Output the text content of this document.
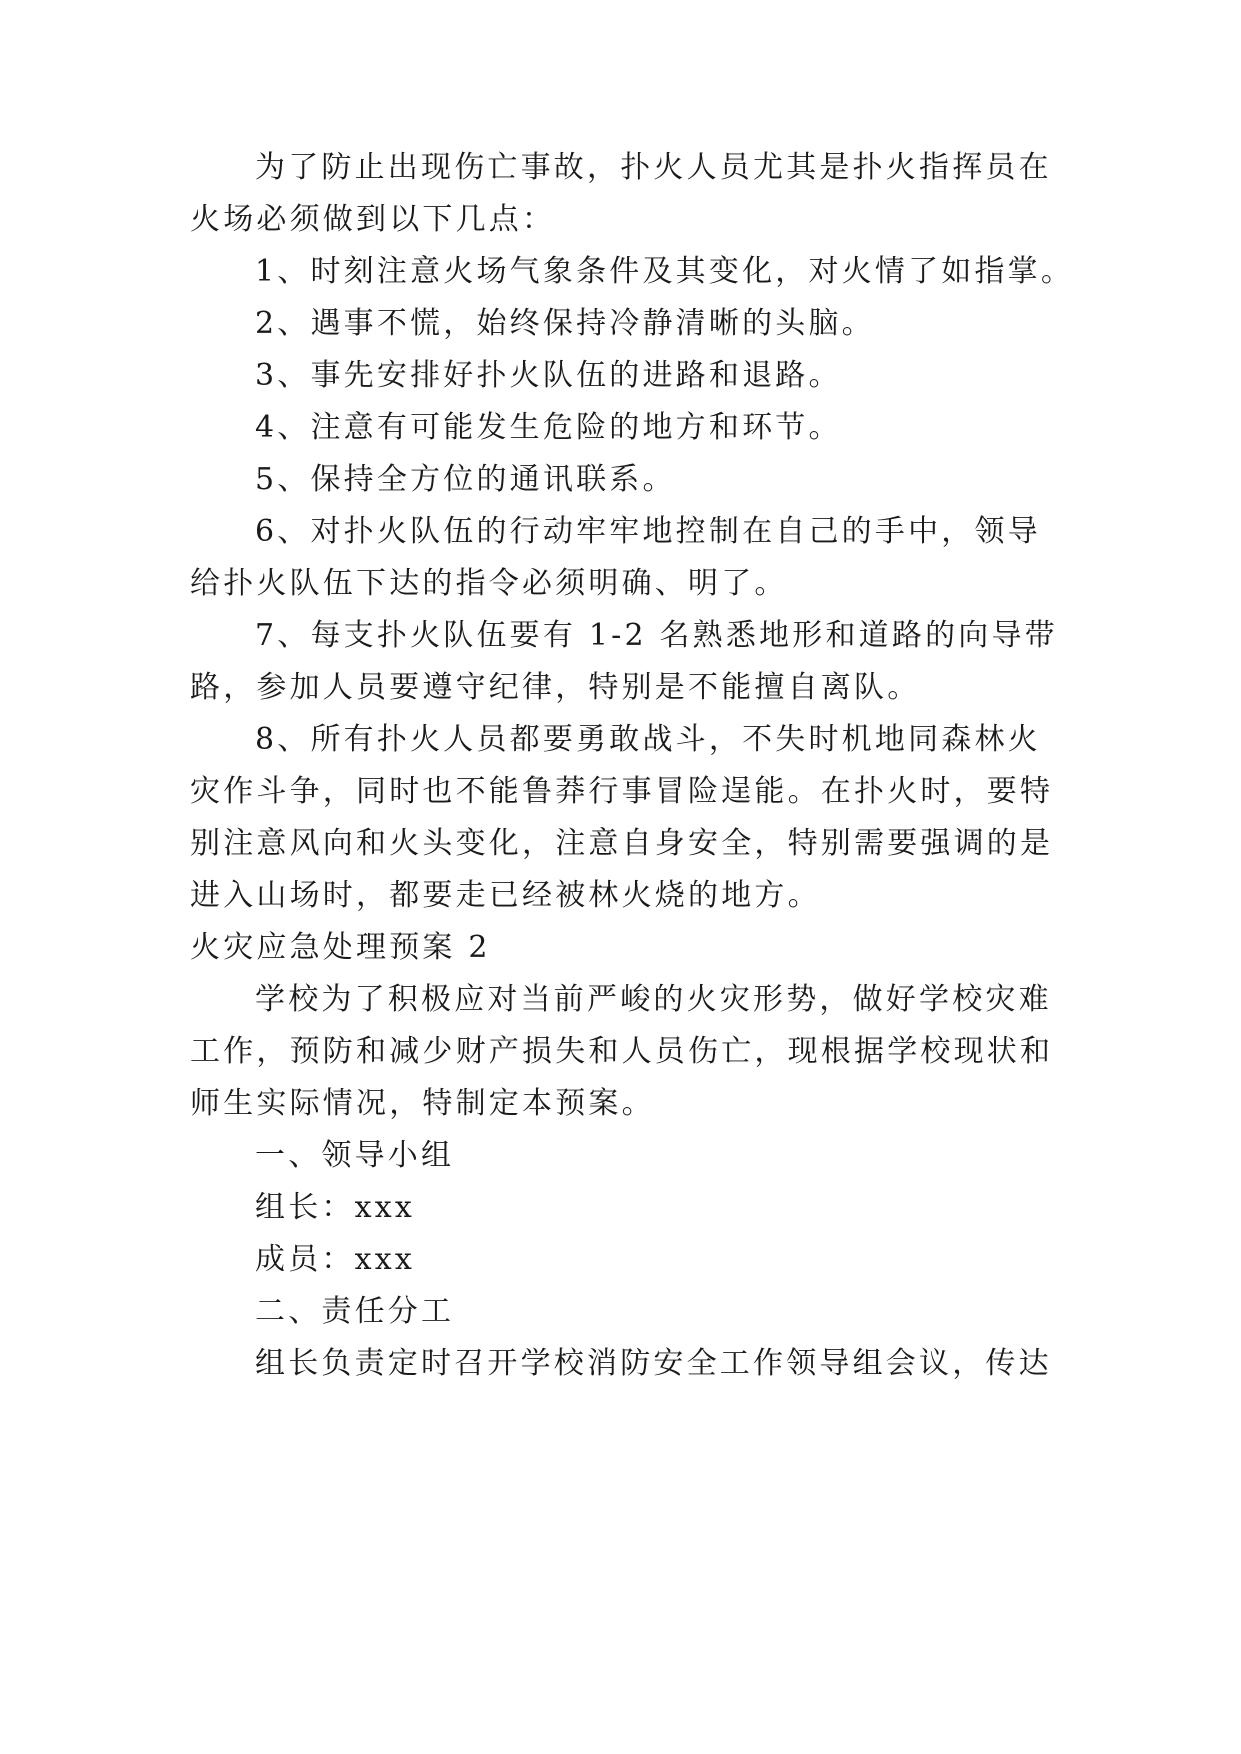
为了防止出现伤亡事故，扑火人员尤其是扑火指挥员在
火场必须做到以下几点：
1、时刻注意火场气象条件及其变化，对火情了如指掌。
2、遇事不慌，始终保持冷静清晰的头脑。
3、事先安排好扑火队伍的进路和退路。
4、注意有可能发生危险的地方和环节。
5、保持全方位的通讯联系。
6、对扑火队伍的行动牢牢地控制在自己的手中，领导
给扑火队伍下达的指令必须明确、明了。
7、每支扑火队伍要有 1-2 名熟悉地形和道路的向导带
路，参加人员要遵守纪律，特别是不能擅自离队。
8、所有扑火人员都要勇敢战斗，不失时机地同森林火
灾作斗争，同时也不能鲁莽行事冒险逞能。在扑火时，要特
别注意风向和火头变化，注意自身安全，特别需要强调的是
进入山场时，都要走已经被林火烧的地方。
火灾应急处理预案 2
学校为了积极应对当前严峻的火灾形势，做好学校灾难
工作，预防和减少财产损失和人员伤亡，现根据学校现状和
师生实际情况，特制定本预案。
一、领导小组
组长：xxx
成员：xxx
二、责任分工
组长负责定时召开学校消防安全工作领导组会议，传达
